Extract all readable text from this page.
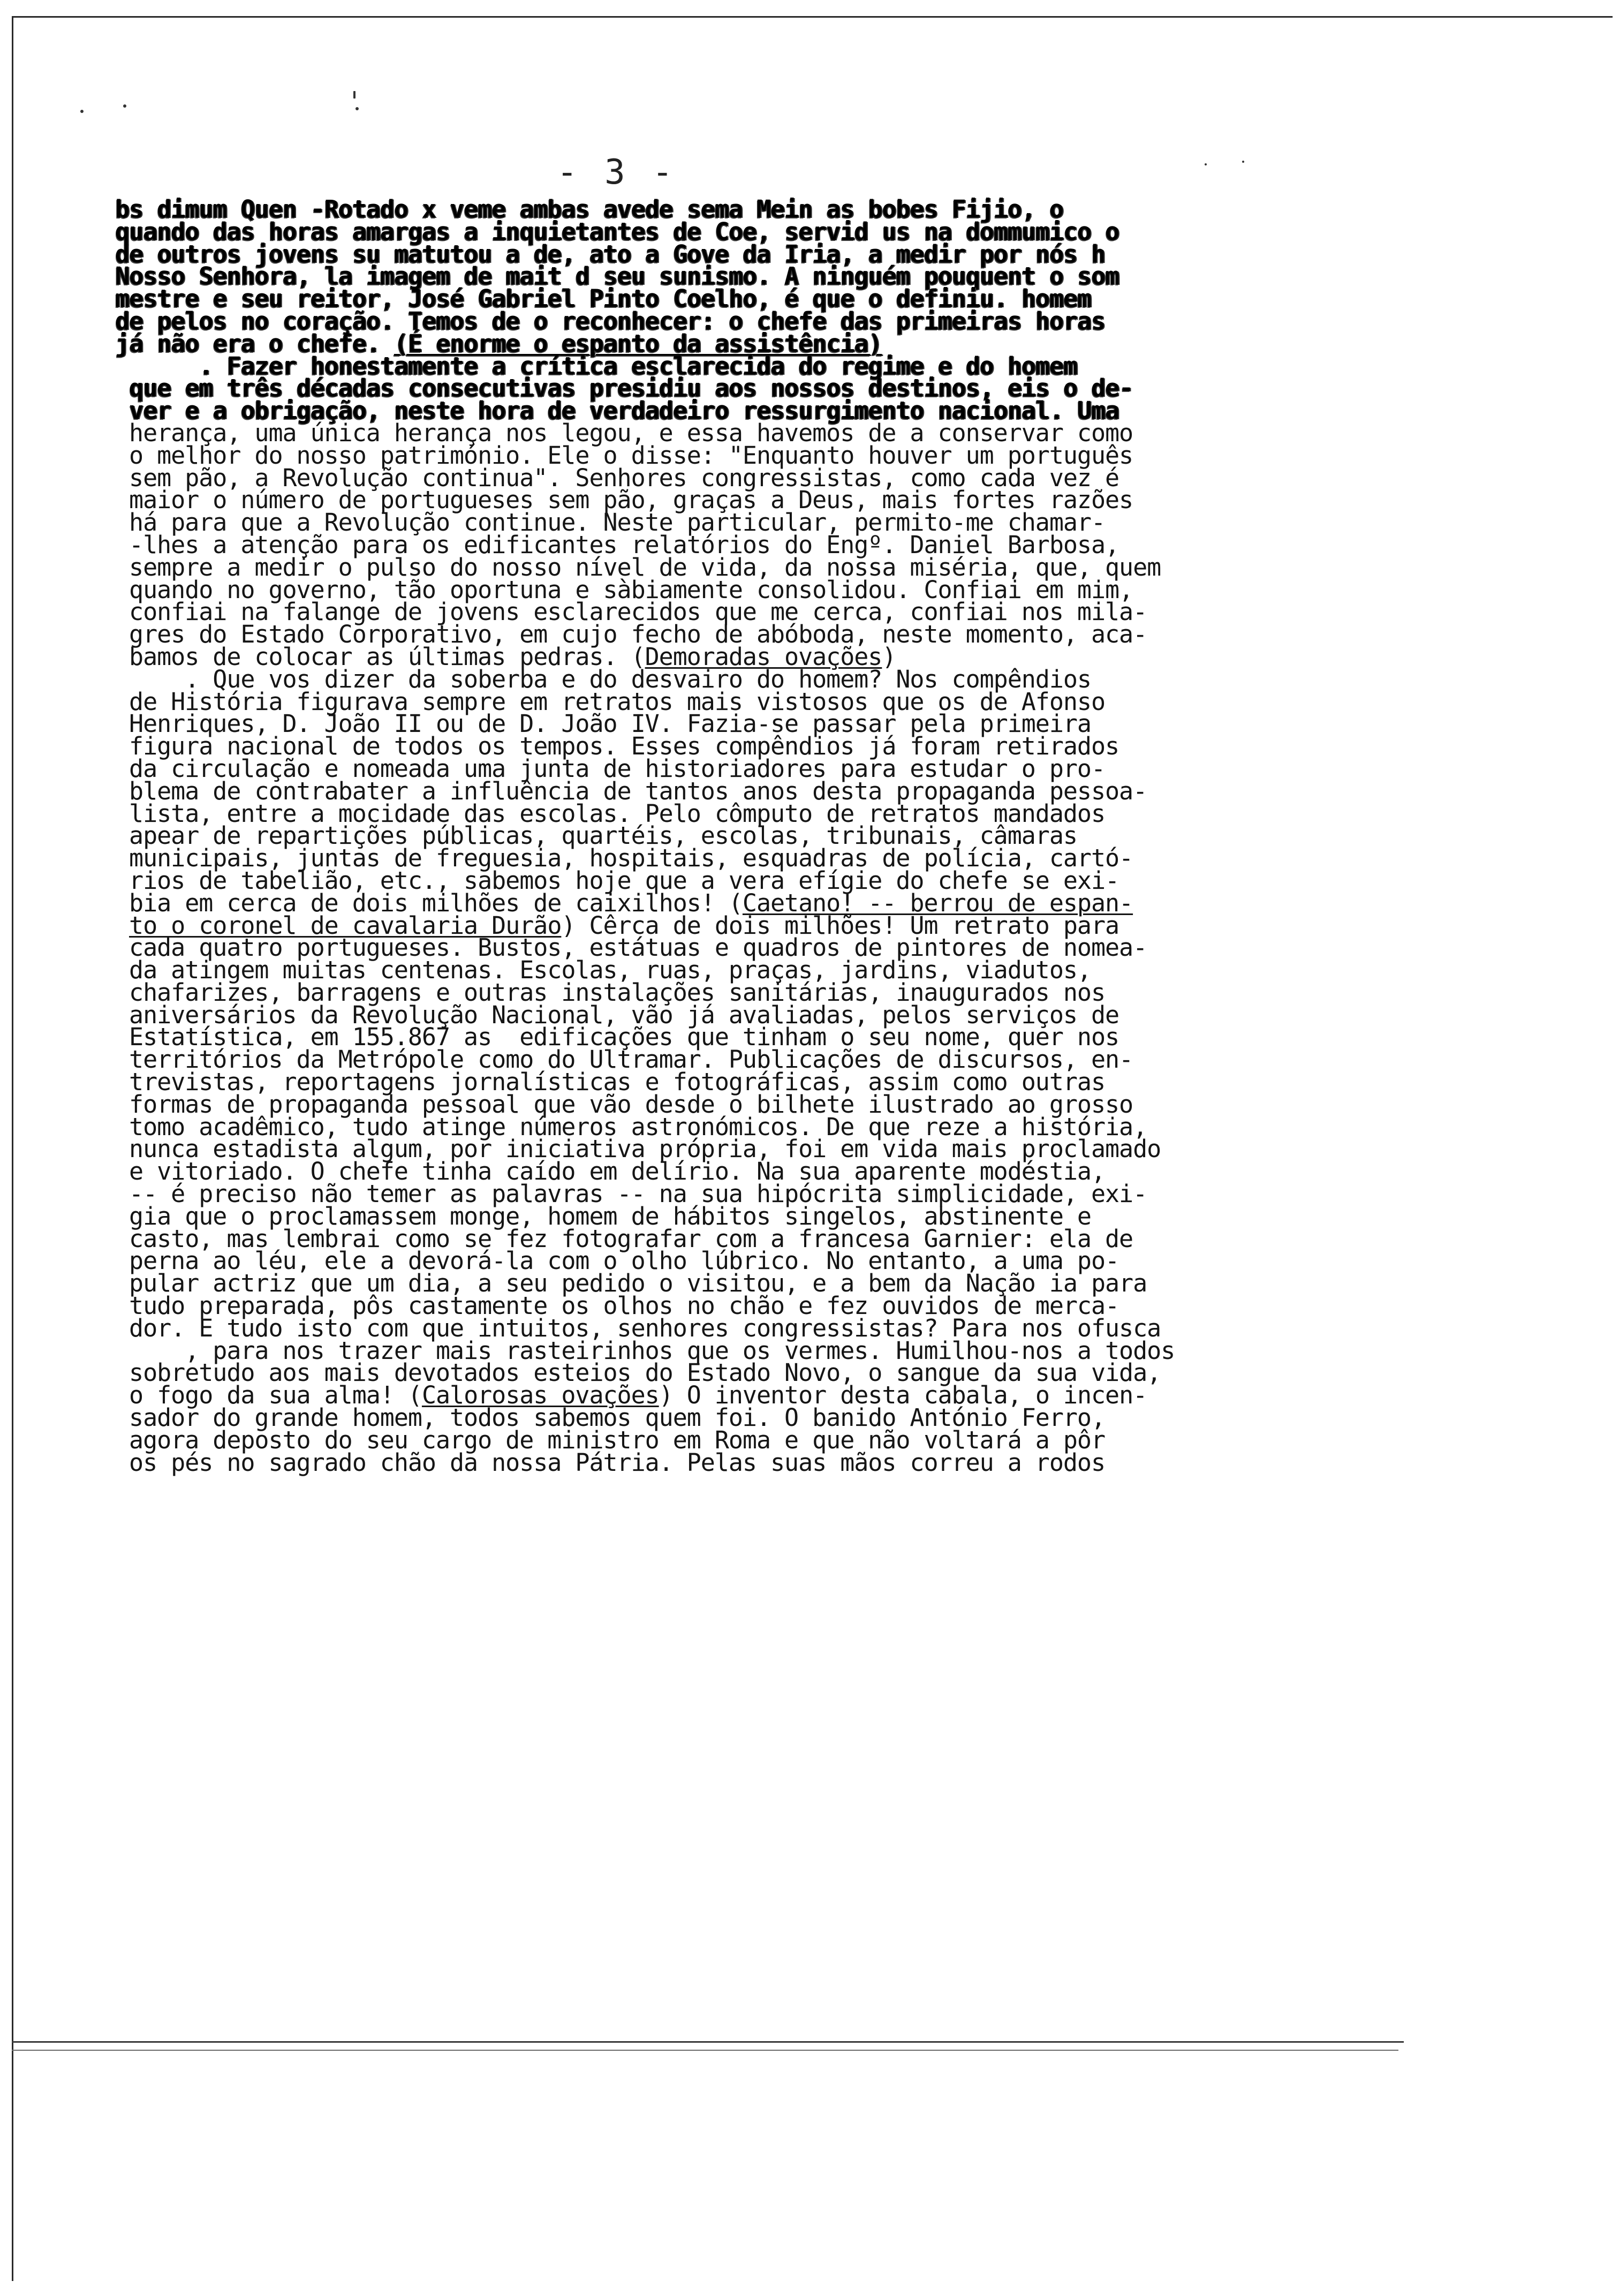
- 3 -
bs dimum Quen -Rotado x veme ambas avede sema Mein as bobes Fijio, o
quando das horas amargas a inquietantes de Coe, servid us na dommumico o
de outros jovens su matutou a de, ato a Gove da Iria, a medir por nós h
Nosso Senhora, la imagem de mait d seu sunismo. A ninguém pouquent o som
mestre e seu reitor, José Gabriel Pinto Coelho, é que o definiu. homem
de pelos no coração. Temos de o reconhecer: o chefe das primeiras horas
já não era o chefe. (É enorme o espanto da assistência)
. Fazer honestamente a crítica esclarecida do regime e do homem
que em três décadas consecutivas presidiu aos nossos destinos, eis o de-
ver e a obrigação, neste hora de verdadeiro ressurgimento nacional. Uma
herança, uma única herança nos legou, e essa havemos de a conservar como
o melhor do nosso património. Ele o disse: "Enquanto houver um português
sem pão, a Revolução continua". Senhores congressistas, como cada vez é
maior o número de portugueses sem pão, graças a Deus, mais fortes razões
há para que a Revolução continue. Neste particular, permito-me chamar-
-lhes a atenção para os edificantes relatórios do Engº. Daniel Barbosa,
sempre a medir o pulso do nosso nível de vida, da nossa miséria, que, quem
quando no governo, tão oportuna e sàbiamente consolidou. Confiai em mim,
confiai na falange de jovens esclarecidos que me cerca, confiai nos mila-
gres do Estado Corporativo, em cujo fecho de abóboda, neste momento, aca-
bamos de colocar as últimas pedras. (Demoradas ovações)
. Que vos dizer da soberba e do desvairo do homem? Nos compêndios
de História figurava sempre em retratos mais vistosos que os de Afonso
Henriques, D. João II ou de D. João IV. Fazia-se passar pela primeira
figura nacional de todos os tempos. Esses compêndios já foram retirados
da circulação e nomeada uma junta de historiadores para estudar o pro-
blema de contrabater a influência de tantos anos desta propaganda pessoa-
lista, entre a mocidade das escolas. Pelo cômputo de retratos mandados
apear de repartições públicas, quartéis, escolas, tribunais, câmaras
municipais, juntas de freguesia, hospitais, esquadras de polícia, cartó-
rios de tabelião, etc., sabemos hoje que a vera efígie do chefe se exi-
bia em cerca de dois milhões de caixilhos! (Caetano! -- berrou de espan-
to o coronel de cavalaria Durão) Cêrca de dois milhões! Um retrato para
cada quatro portugueses. Bustos, estátuas e quadros de pintores de nomea-
da atingem muitas centenas. Escolas, ruas, praças, jardins, viadutos,
chafarizes, barragens e outras instalações sanitárias, inaugurados nos
aniversários da Revolução Nacional, vão já avaliadas, pelos serviços de
Estatística, em 155.867 as  edificações que tinham o seu nome, quer nos
territórios da Metrópole como do Ultramar. Publicações de discursos, en-
trevistas, reportagens jornalísticas e fotográficas, assim como outras
formas de propaganda pessoal que vão desde o bilhete ilustrado ao grosso
tomo acadêmico, tudo atinge números astronómicos. De que reze a história,
nunca estadista algum, por iniciativa própria, foi em vida mais proclamado
e vitoriado. O chefe tinha caído em delírio. Na sua aparente modéstia,
-- é preciso não temer as palavras -- na sua hipócrita simplicidade, exi-
gia que o proclamassem monge, homem de hábitos singelos, abstinente e
casto, mas lembrai como se fez fotografar com a francesa Garnier: ela de
perna ao léu, ele a devorá-la com o olho lúbrico. No entanto, a uma po-
pular actriz que um dia, a seu pedido o visitou, e a bem da Nação ia para
tudo preparada, pôs castamente os olhos no chão e fez ouvidos de merca-
dor. E tudo isto com que intuitos, senhores congressistas? Para nos ofusca
, para nos trazer mais rasteirinhos que os vermes. Humilhou-nos a todos
sobretudo aos mais devotados esteios do Estado Novo, o sangue da sua vida,
o fogo da sua alma! (Calorosas ovações) O inventor desta cabala, o incen-
sador do grande homem, todos sabemos quem foi. O banido António Ferro,
agora deposto do seu cargo de ministro em Roma e que não voltará a pôr
os pés no sagrado chão da nossa Pátria. Pelas suas mãos correu a rodos
